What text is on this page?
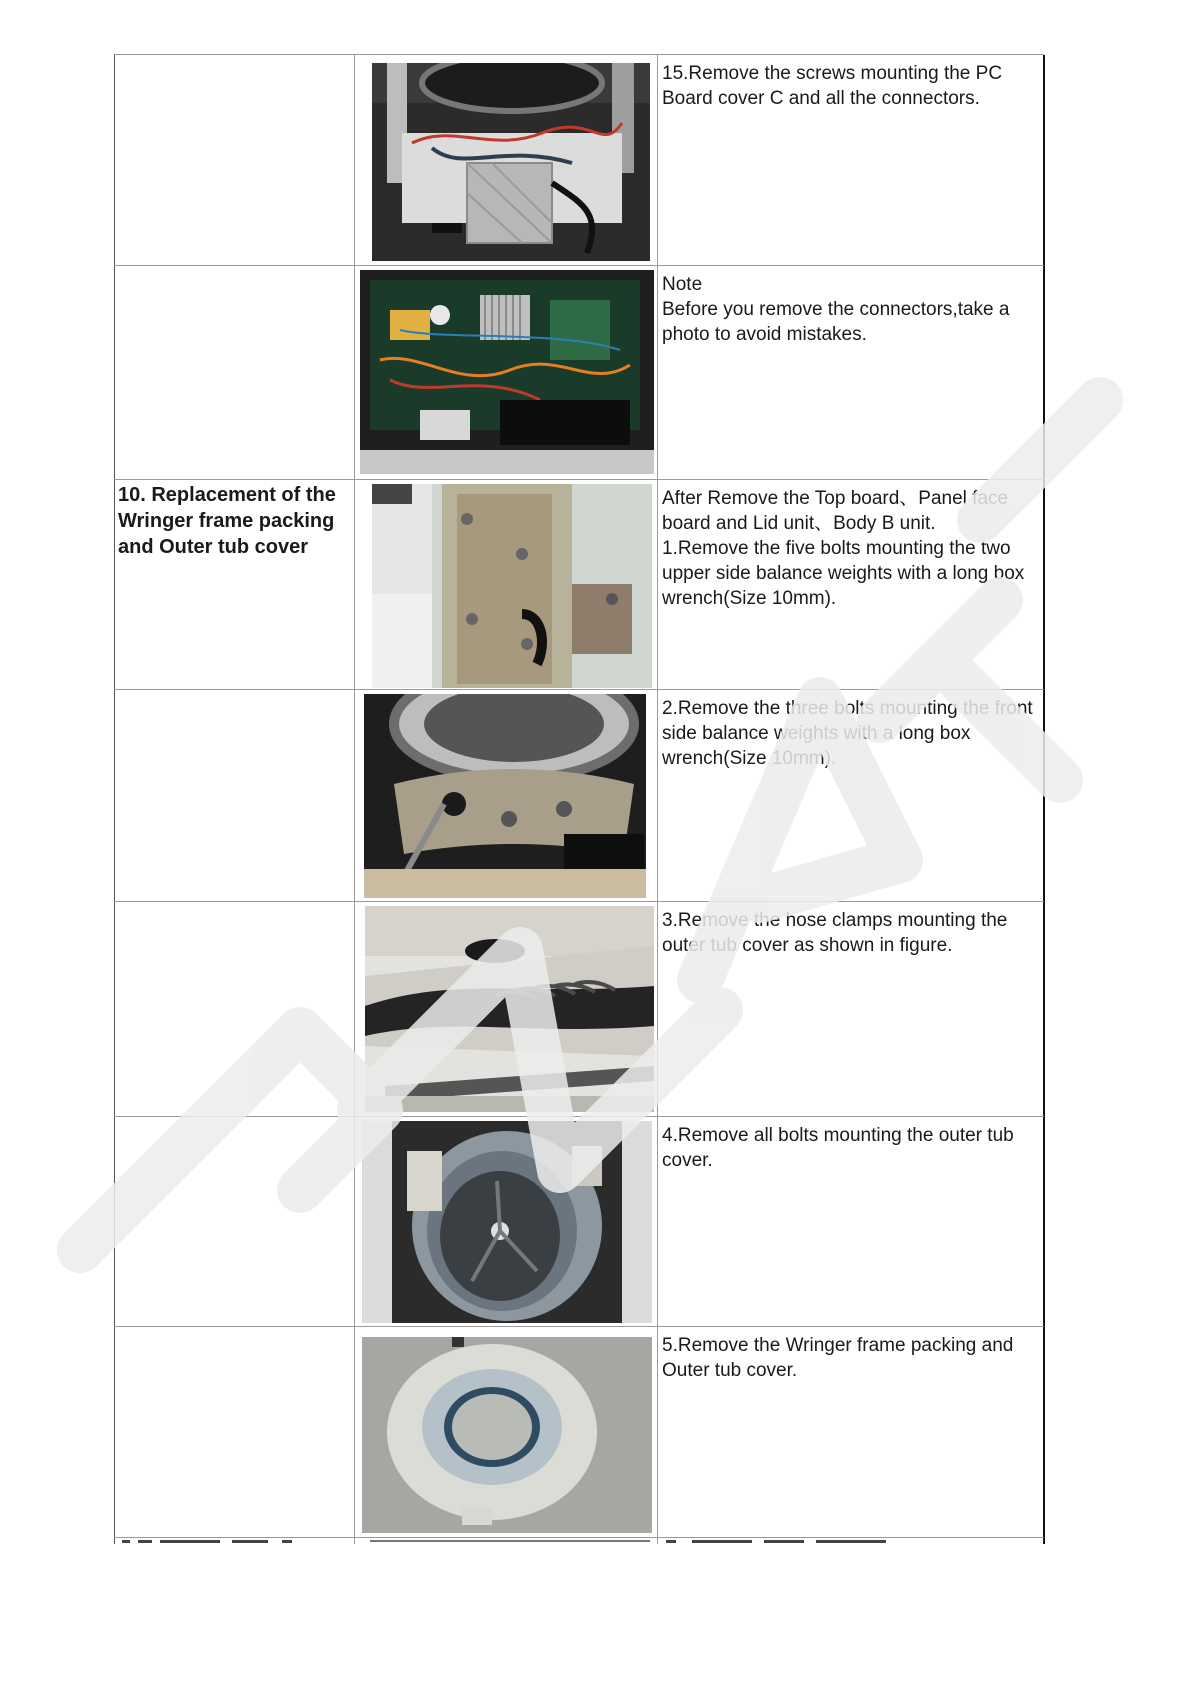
15.Remove the screws mounting the PC Board cover C and all the connectors.
Note
Before you remove the connectors,take a photo to avoid mistakes.
10. Replacement of the Wringer frame packing and Outer tub cover
After Remove the Top board、Panel face board and Lid unit、Body B unit.
1.Remove the five bolts mounting the two upper side balance weights with a long box wrench(Size 10mm).
2.Remove the three bolts mounting the front side balance weights with a long box wrench(Size 10mm).
3.Remove the hose clamps mounting the outer tub cover as shown in figure.
4.Remove all bolts mounting the outer tub cover.
5.Remove the Wringer frame packing and Outer tub cover.
